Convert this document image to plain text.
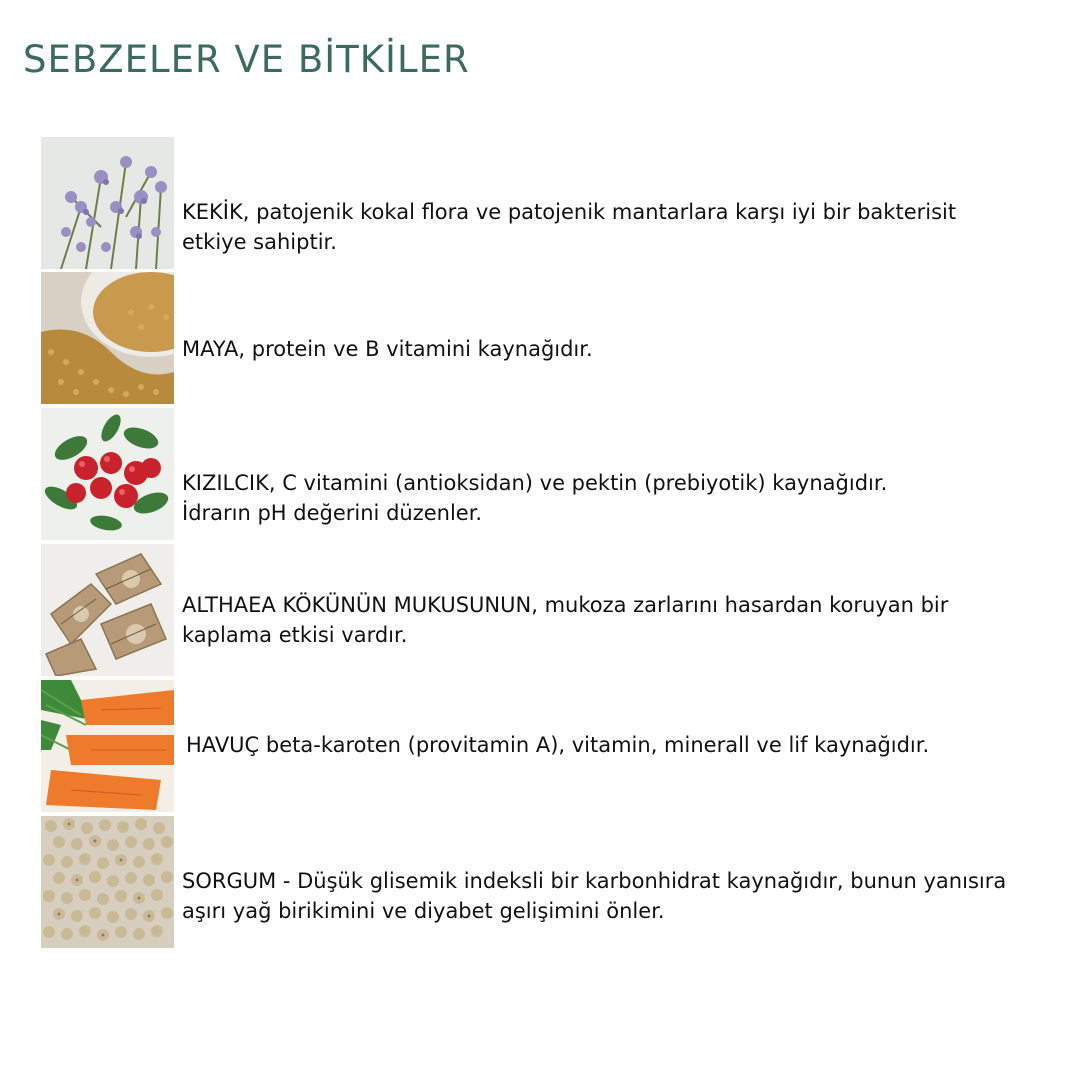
SEBZELER VE BİTKİLER

KEKİK, patojenik kokal flora ve patojenik mantarlara karşı iyi bir bakterisit
etkiye sahiptir.

MAYA, protein ve B vitamini kaynağıdır.

KIZILCIK, C vitamini (antioksidan) ve pektin (prebiyotik) kaynağıdır.
İdrarın pH değerini düzenler.

ALTHAEA KÖKÜNÜN MUKUSUNUN, mukoza zarlarını hasardan koruyan bir
kaplama etkisi vardır.

HAVUÇ beta-karoten (provitamin A), vitamin, minerall ve lif kaynağıdır.

SORGUM - Düşük glisemik indeksli bir karbonhidrat kaynağıdır, bunun yanısıra
aşırı yağ birikimini ve diyabet gelişimini önler.
